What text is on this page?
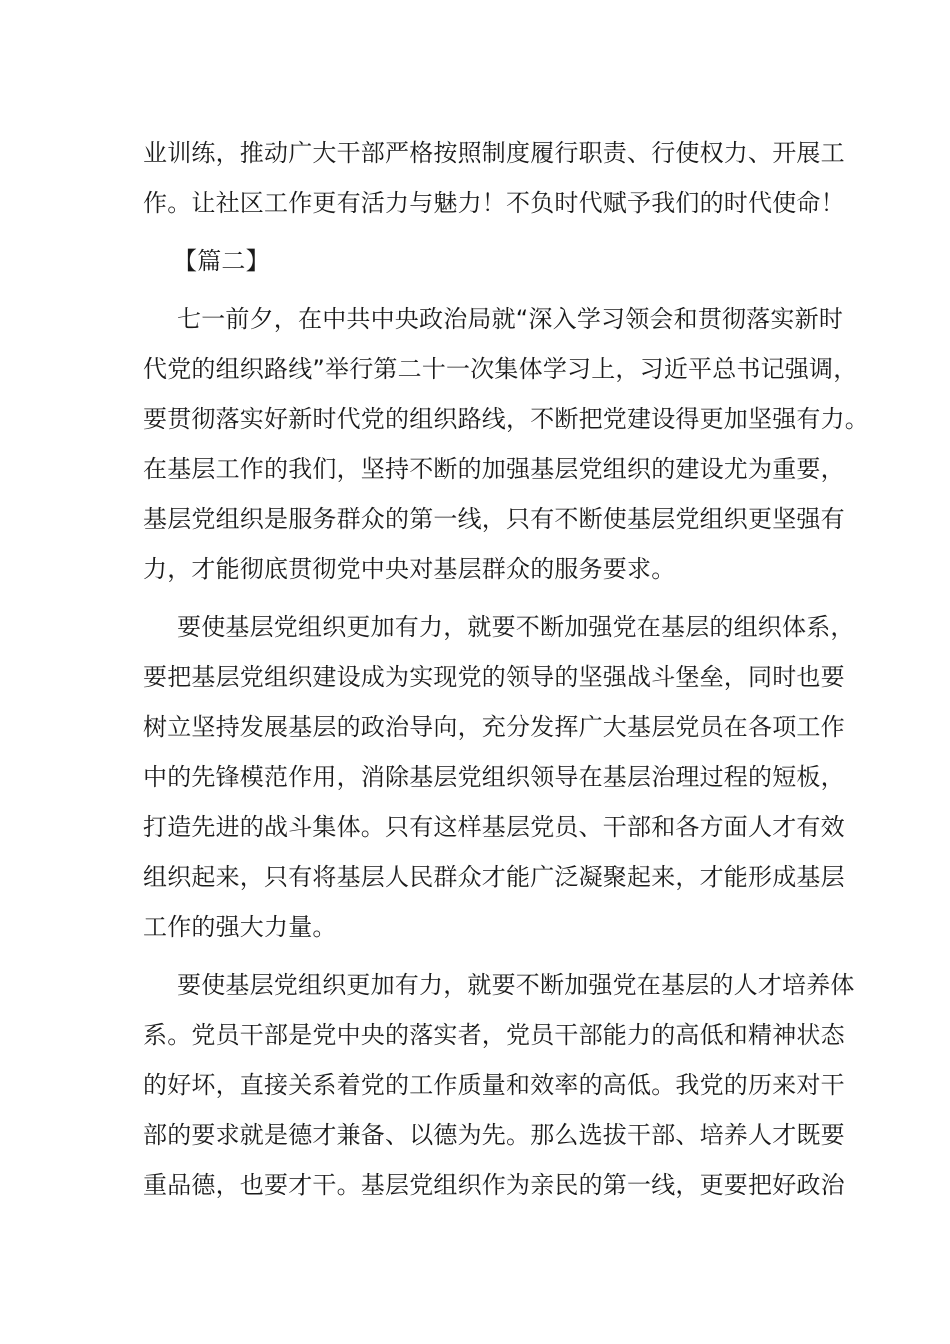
业训练，推动广大干部严格按照制度履行职责、行使权力、开展工
作。让社区工作更有活力与魅力！不负时代赋予我们的时代使命！
【篇二】
七一前夕，在中共中央政治局就“深入学习领会和贯彻落实新时
代党的组织路线”举行第二十一次集体学习上，习近平总书记强调，
要贯彻落实好新时代党的组织路线，不断把党建设得更加坚强有力。
在基层工作的我们，坚持不断的加强基层党组织的建设尤为重要，
基层党组织是服务群众的第一线，只有不断使基层党组织更坚强有
力，才能彻底贯彻党中央对基层群众的服务要求。
要使基层党组织更加有力，就要不断加强党在基层的组织体系，
要把基层党组织建设成为实现党的领导的坚强战斗堡垒，同时也要
树立坚持发展基层的政治导向，充分发挥广大基层党员在各项工作
中的先锋模范作用，消除基层党组织领导在基层治理过程的短板，
打造先进的战斗集体。只有这样基层党员、干部和各方面人才有效
组织起来，只有将基层人民群众才能广泛凝聚起来，才能形成基层
工作的强大力量。
要使基层党组织更加有力，就要不断加强党在基层的人才培养体
系。党员干部是党中央的落实者，党员干部能力的高低和精神状态
的好坏，直接关系着党的工作质量和效率的高低。我党的历来对干
部的要求就是德才兼备、以德为先。那么选拔干部、培养人才既要
重品德，也要才干。基层党组织作为亲民的第一线，更要把好政治
